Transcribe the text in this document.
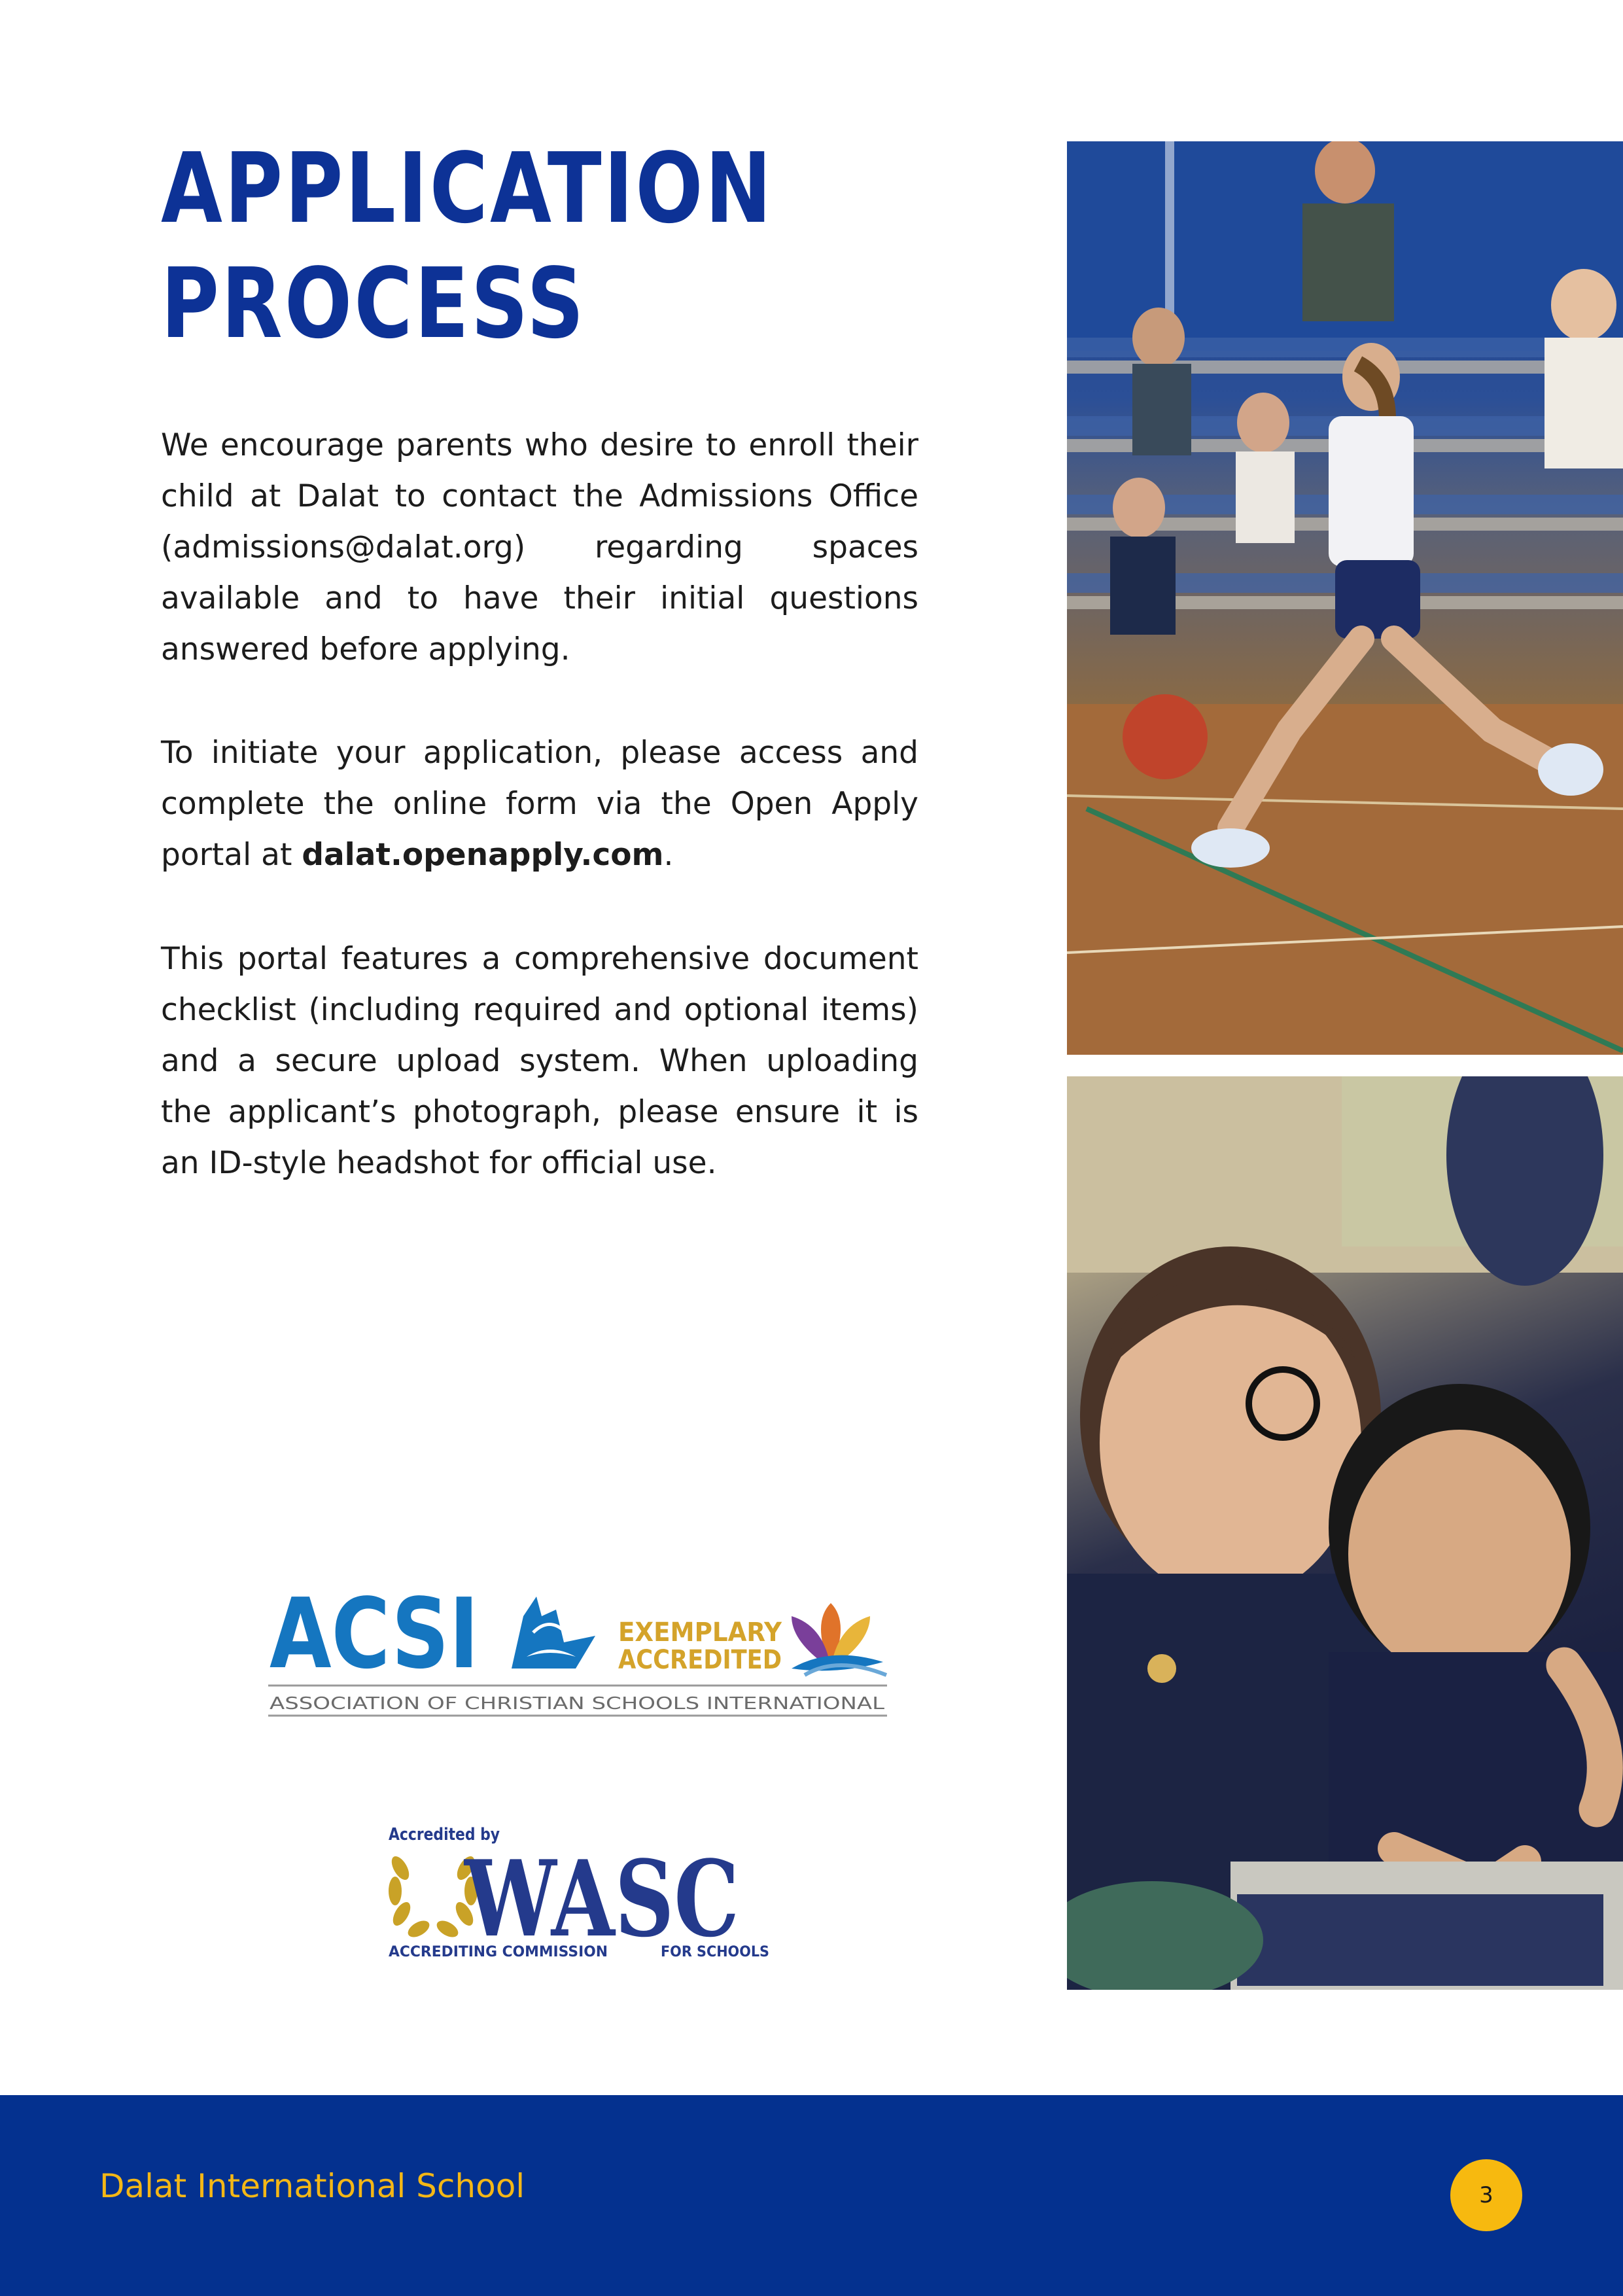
APPLICATION
PROCESS

We encourage parents who desire to enroll their child at Dalat to contact the Admissions Office (admissions@dalat.org) regarding spaces available and to have their initial questions answered before applying.

To initiate your application, please access and complete the online form via the Open Apply portal at dalat.openapply.com.

This portal features a comprehensive document checklist (including required and optional items) and a secure upload system. When uploading the applicant’s photograph, please ensure it is an ID-style headshot for official use.

ACSI	EXEMPLARY
ACCREDITED
ASSOCIATION OF CHRISTIAN SCHOOLS INTERNATIONAL
Accredited by
WASC
ACCREDITING COMMISSION	FOR SCHOOLS
Dalat International School	3
